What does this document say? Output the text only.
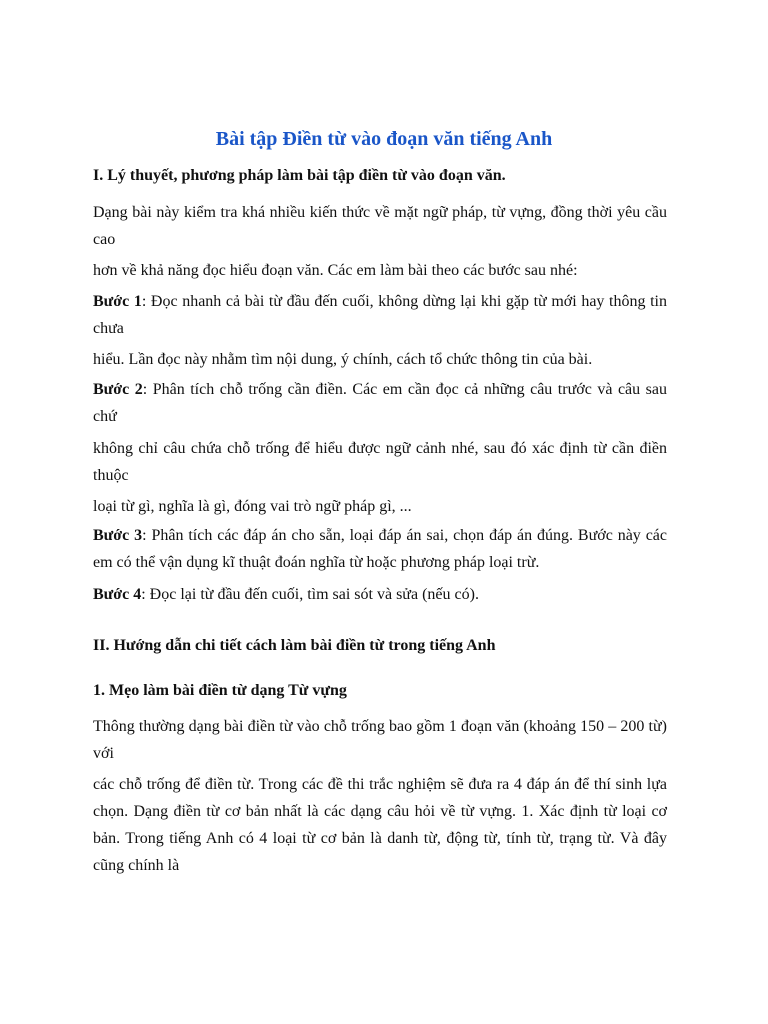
Bài tập Điền từ vào đoạn văn tiếng Anh
I. Lý thuyết, phương pháp làm bài tập điền từ vào đoạn văn.
Dạng bài này kiểm tra khá nhiều kiến thức về mặt ngữ pháp, từ vựng, đồng thời yêu cầu cao
hơn về khả năng đọc hiểu đoạn văn. Các em làm bài theo các bước sau nhé:
Bước 1: Đọc nhanh cả bài từ đầu đến cuối, không dừng lại khi gặp từ mới hay thông tin chưa
hiểu. Lần đọc này nhằm tìm nội dung, ý chính, cách tổ chức thông tin của bài.
Bước 2: Phân tích chỗ trống cần điền. Các em cần đọc cả những câu trước và câu sau chứ
không chỉ câu chứa chỗ trống để hiểu được ngữ cảnh nhé, sau đó xác định từ cần điền thuộc
loại từ gì, nghĩa là gì, đóng vai trò ngữ pháp gì, ...
Bước 3: Phân tích các đáp án cho sẵn, loại đáp án sai, chọn đáp án đúng. Bước này các em có thể vận dụng kĩ thuật đoán nghĩa từ hoặc phương pháp loại trừ.
Bước 4: Đọc lại từ đầu đến cuối, tìm sai sót và sửa (nếu có).
II. Hướng dẫn chi tiết cách làm bài điền từ trong tiếng Anh
1. Mẹo làm bài điền từ dạng Từ vựng
Thông thường dạng bài điền từ vào chỗ trống bao gồm 1 đoạn văn (khoảng 150 – 200 từ) với
các chỗ trống để điền từ. Trong các đề thi trắc nghiệm sẽ đưa ra 4 đáp án để thí sinh lựa chọn. Dạng điền từ cơ bản nhất là các dạng câu hỏi về từ vựng. 1. Xác định từ loại cơ bản. Trong tiếng Anh có 4 loại từ cơ bản là danh từ, động từ, tính từ, trạng từ. Và đây cũng chính là
